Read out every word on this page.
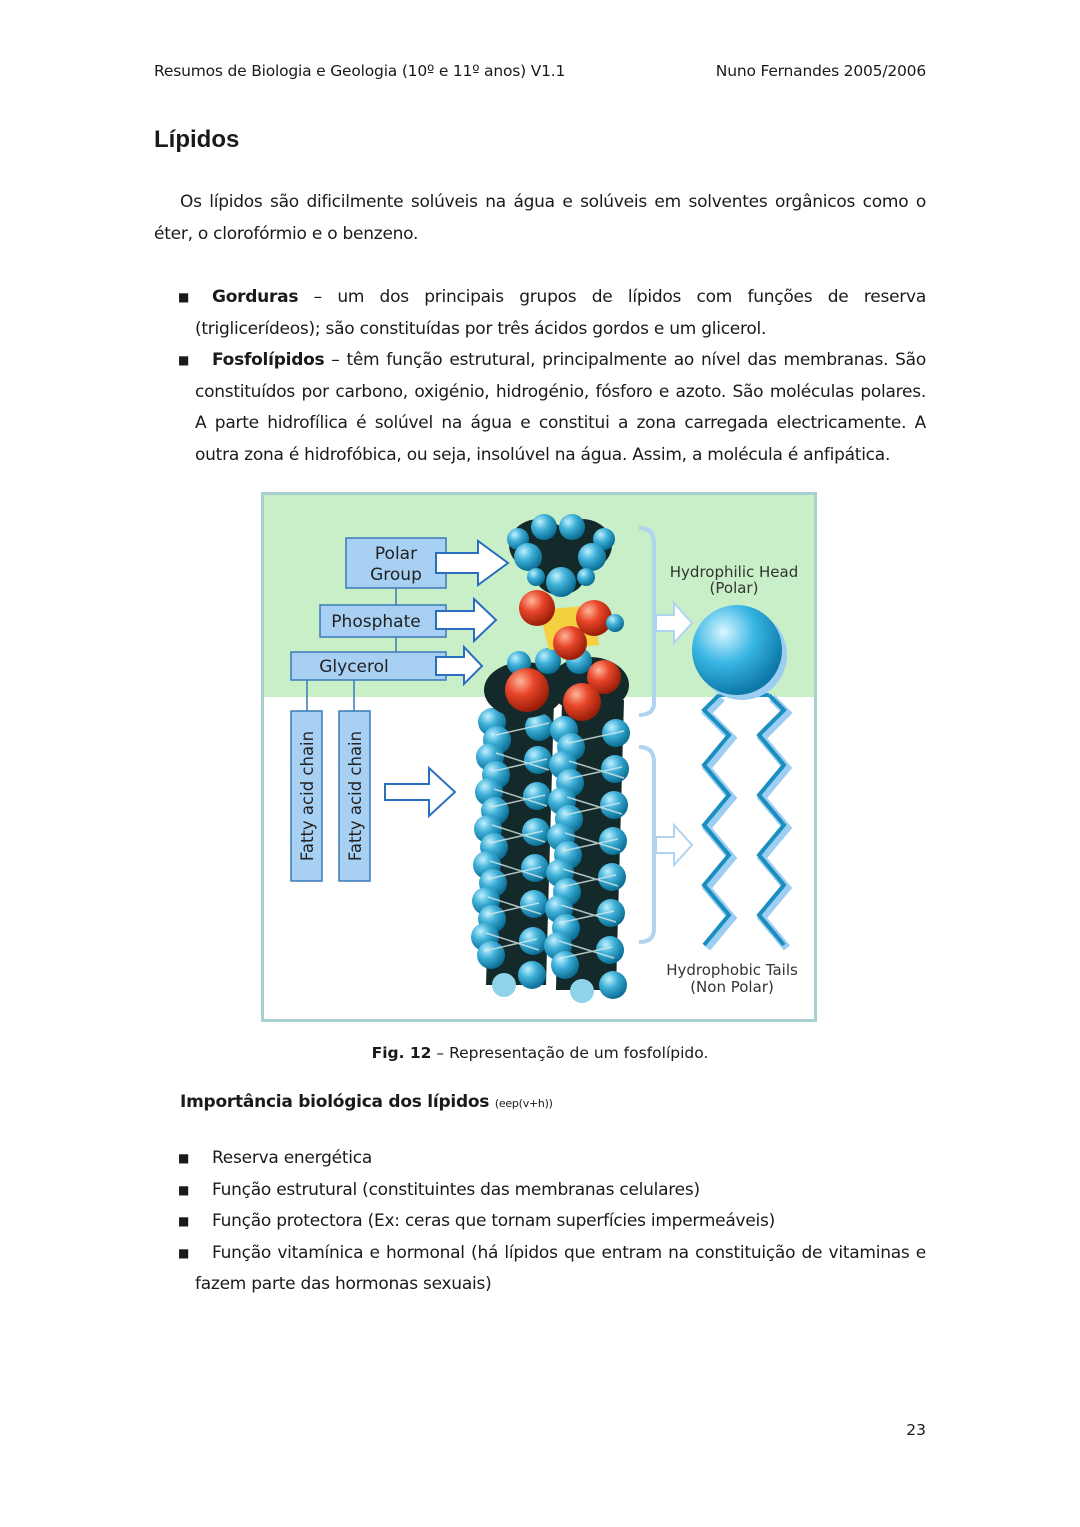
Resumos de Biologia e Geologia (10º e 11º anos) V1.1	Nuno Fernandes 2005/2006
Lípidos
Os lípidos são dificilmente solúveis na água e solúveis em solventes orgânicos como o éter, o clorofórmio e o benzeno.
■ Gorduras – um dos principais grupos de lípidos com funções de reserva (triglicerídeos); são constituídas por três ácidos gordos e um glicerol.
■ Fosfolípidos – têm função estrutural, principalmente ao nível das membranas. São constituídos por carbono, oxigénio, hidrogénio, fósforo e azoto. São moléculas polares. A parte hidrofílica é solúvel na água e constitui a zona carregada electricamente. A outra zona é hidrofóbica, ou seja, insolúvel na água. Assim, a molécula é anfipática.
Polar
Group
Phosphate
Glycerol
Fatty acid chain Fatty acid chain
Hydrophilic Head
(Polar)
Hydrophobic Tails
(Non Polar)
Fig. 12 – Representação de um fosfolípido.
Importância biológica dos lípidos (eep(v+h))
■ Reserva energética
■ Função estrutural (constituintes das membranas celulares)
■ Função protectora (Ex: ceras que tornam superfícies impermeáveis)
■ Função vitamínica e hormonal (há lípidos que entram na constituição de vitaminas e fazem parte das hormonas sexuais)
23
